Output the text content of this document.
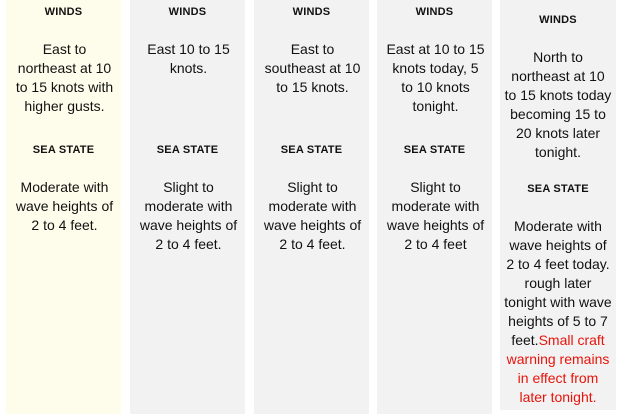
WINDS
East to northeast at 10 to 15 knots with higher gusts.
SEA STATE
Moderate with wave heights of 2 to 4 feet.
WINDS
East 10 to 15 knots.
SEA STATE
Slight to moderate with wave heights of 2 to 4 feet.
WINDS
East to southeast at 10 to 15 knots.
SEA STATE
Slight to moderate with wave heights of 2 to 4 feet.
WINDS
East at 10 to 15 knots today, 5 to 10 knots tonight.
SEA STATE
Slight to moderate with wave heights of 2 to 4 feet
WINDS
North to northeast at 10 to 15 knots today becoming 15 to 20 knots later tonight.
SEA STATE
Moderate with wave heights of 2 to 4 feet today. rough later tonight with wave heights of 5 to 7 feet.Small craft warning remains in effect from later tonight.
